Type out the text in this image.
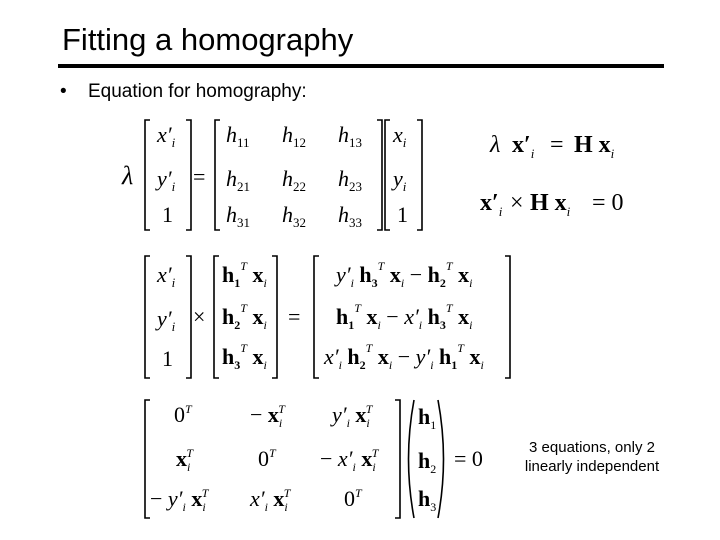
Fitting a homography
• Equation for homography:
3 equations, only 2 linearly independent
λ
$x'_i$
$y'_i$
1
=
$h_{11}$ $h_{12}$ $h_{13}$
$h_{21}$ $h_{22}$ $h_{23}$
$h_{31}$ $h_{32}$ $h_{33}$
$x_i$
$y_i$
1
λ $x'_i = H$ $x_i$
$x'_i \times H$ $x_i = 0$
$x'_i$
$y'_i$
1
×
$h_1^T$ $x_i$
$h_2^T$ $x_i$
$h_3^T$ $x_i$
=
$y'_i$ $h_3^T$ $x_i - h_2^T$ $x_i$
$h_1^T$ $x_i - x'_i$ $h_3^T$ $x_i$
$x'_i$ $h_2^T$ $x_i - y'_i$ $h_1^T$ $x_i$
$0^T$	− $x_iT$ $y'_i$ $x_iT$
$x_iT$	$0^T - x'_i$ $x_iT$
− $y'_i$ $x_iT$ $x'_i$ $x_iT$ $0^T$
$h_1$
$h_2$
$h_3$
= 0
